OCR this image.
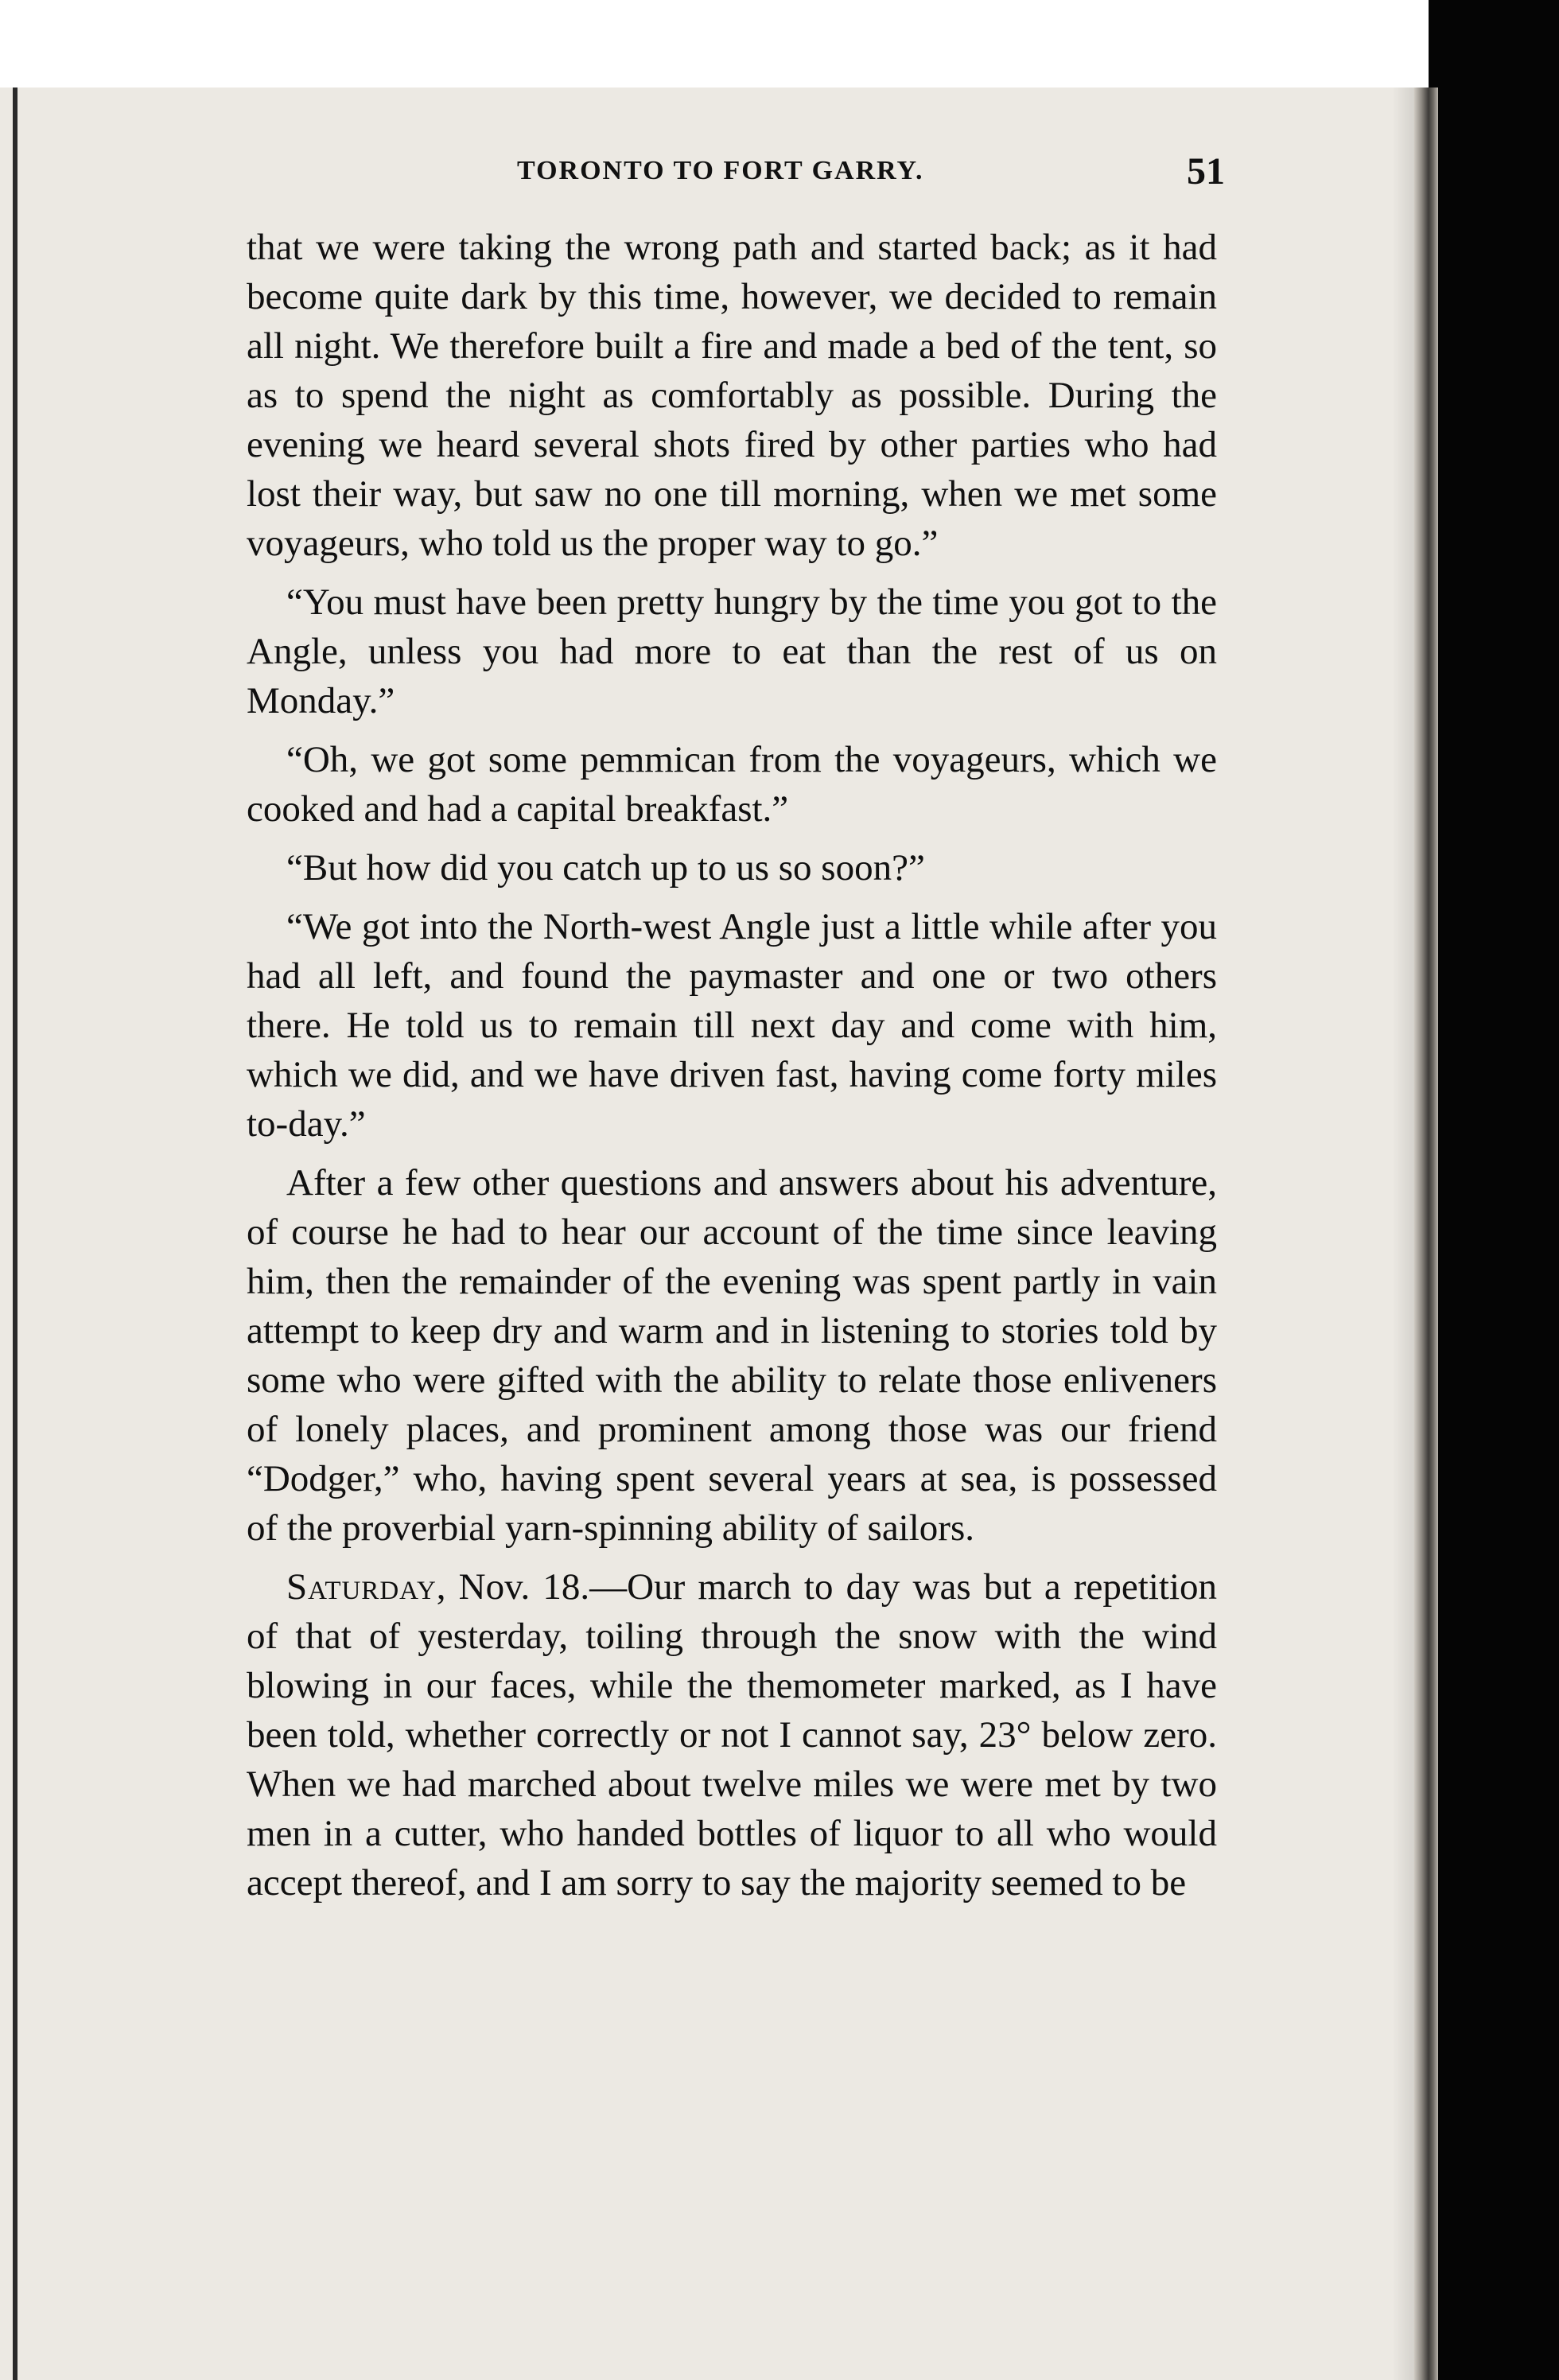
TORONTO TO FORT GARRY.	51

that we were taking the wrong path and started back; as it had become quite dark by this time, however, we decided to remain all night. We therefore built a fire and made a bed of the tent, so as to spend the night as comfortably as possible. During the evening we heard several shots fired by other parties who had lost their way, but saw no one till morning, when we met some voyageurs, who told us the proper way to go.”

“You must have been pretty hungry by the time you got to the Angle, unless you had more to eat than the rest of us on Monday.”

“Oh, we got some pemmican from the voyageurs, which we cooked and had a capital breakfast.”

“But how did you catch up to us so soon?”

“We got into the North-west Angle just a little while after you had all left, and found the paymaster and one or two others there. He told us to remain till next day and come with him, which we did, and we have driven fast, having come forty miles to-day.”

After a few other questions and answers about his adventure, of course he had to hear our account of the time since leaving him, then the remainder of the evening was spent partly in vain attempt to keep dry and warm and in listening to stories told by some who were gifted with the ability to relate those enliveners of lonely places, and prominent among those was our friend “Dodger,” who, having spent several years at sea, is possessed of the proverbial yarn-spinning ability of sailors.

Saturday, Nov. 18.—Our march to day was but a repetition of that of yesterday, toiling through the snow with the wind blowing in our faces, while the themometer marked, as I have been told, whether correctly or not I cannot say, 23° below zero. When we had marched about twelve miles we were met by two men in a cutter, who handed bottles of liquor to all who would accept thereof, and I am sorry to say the majority seemed to be
